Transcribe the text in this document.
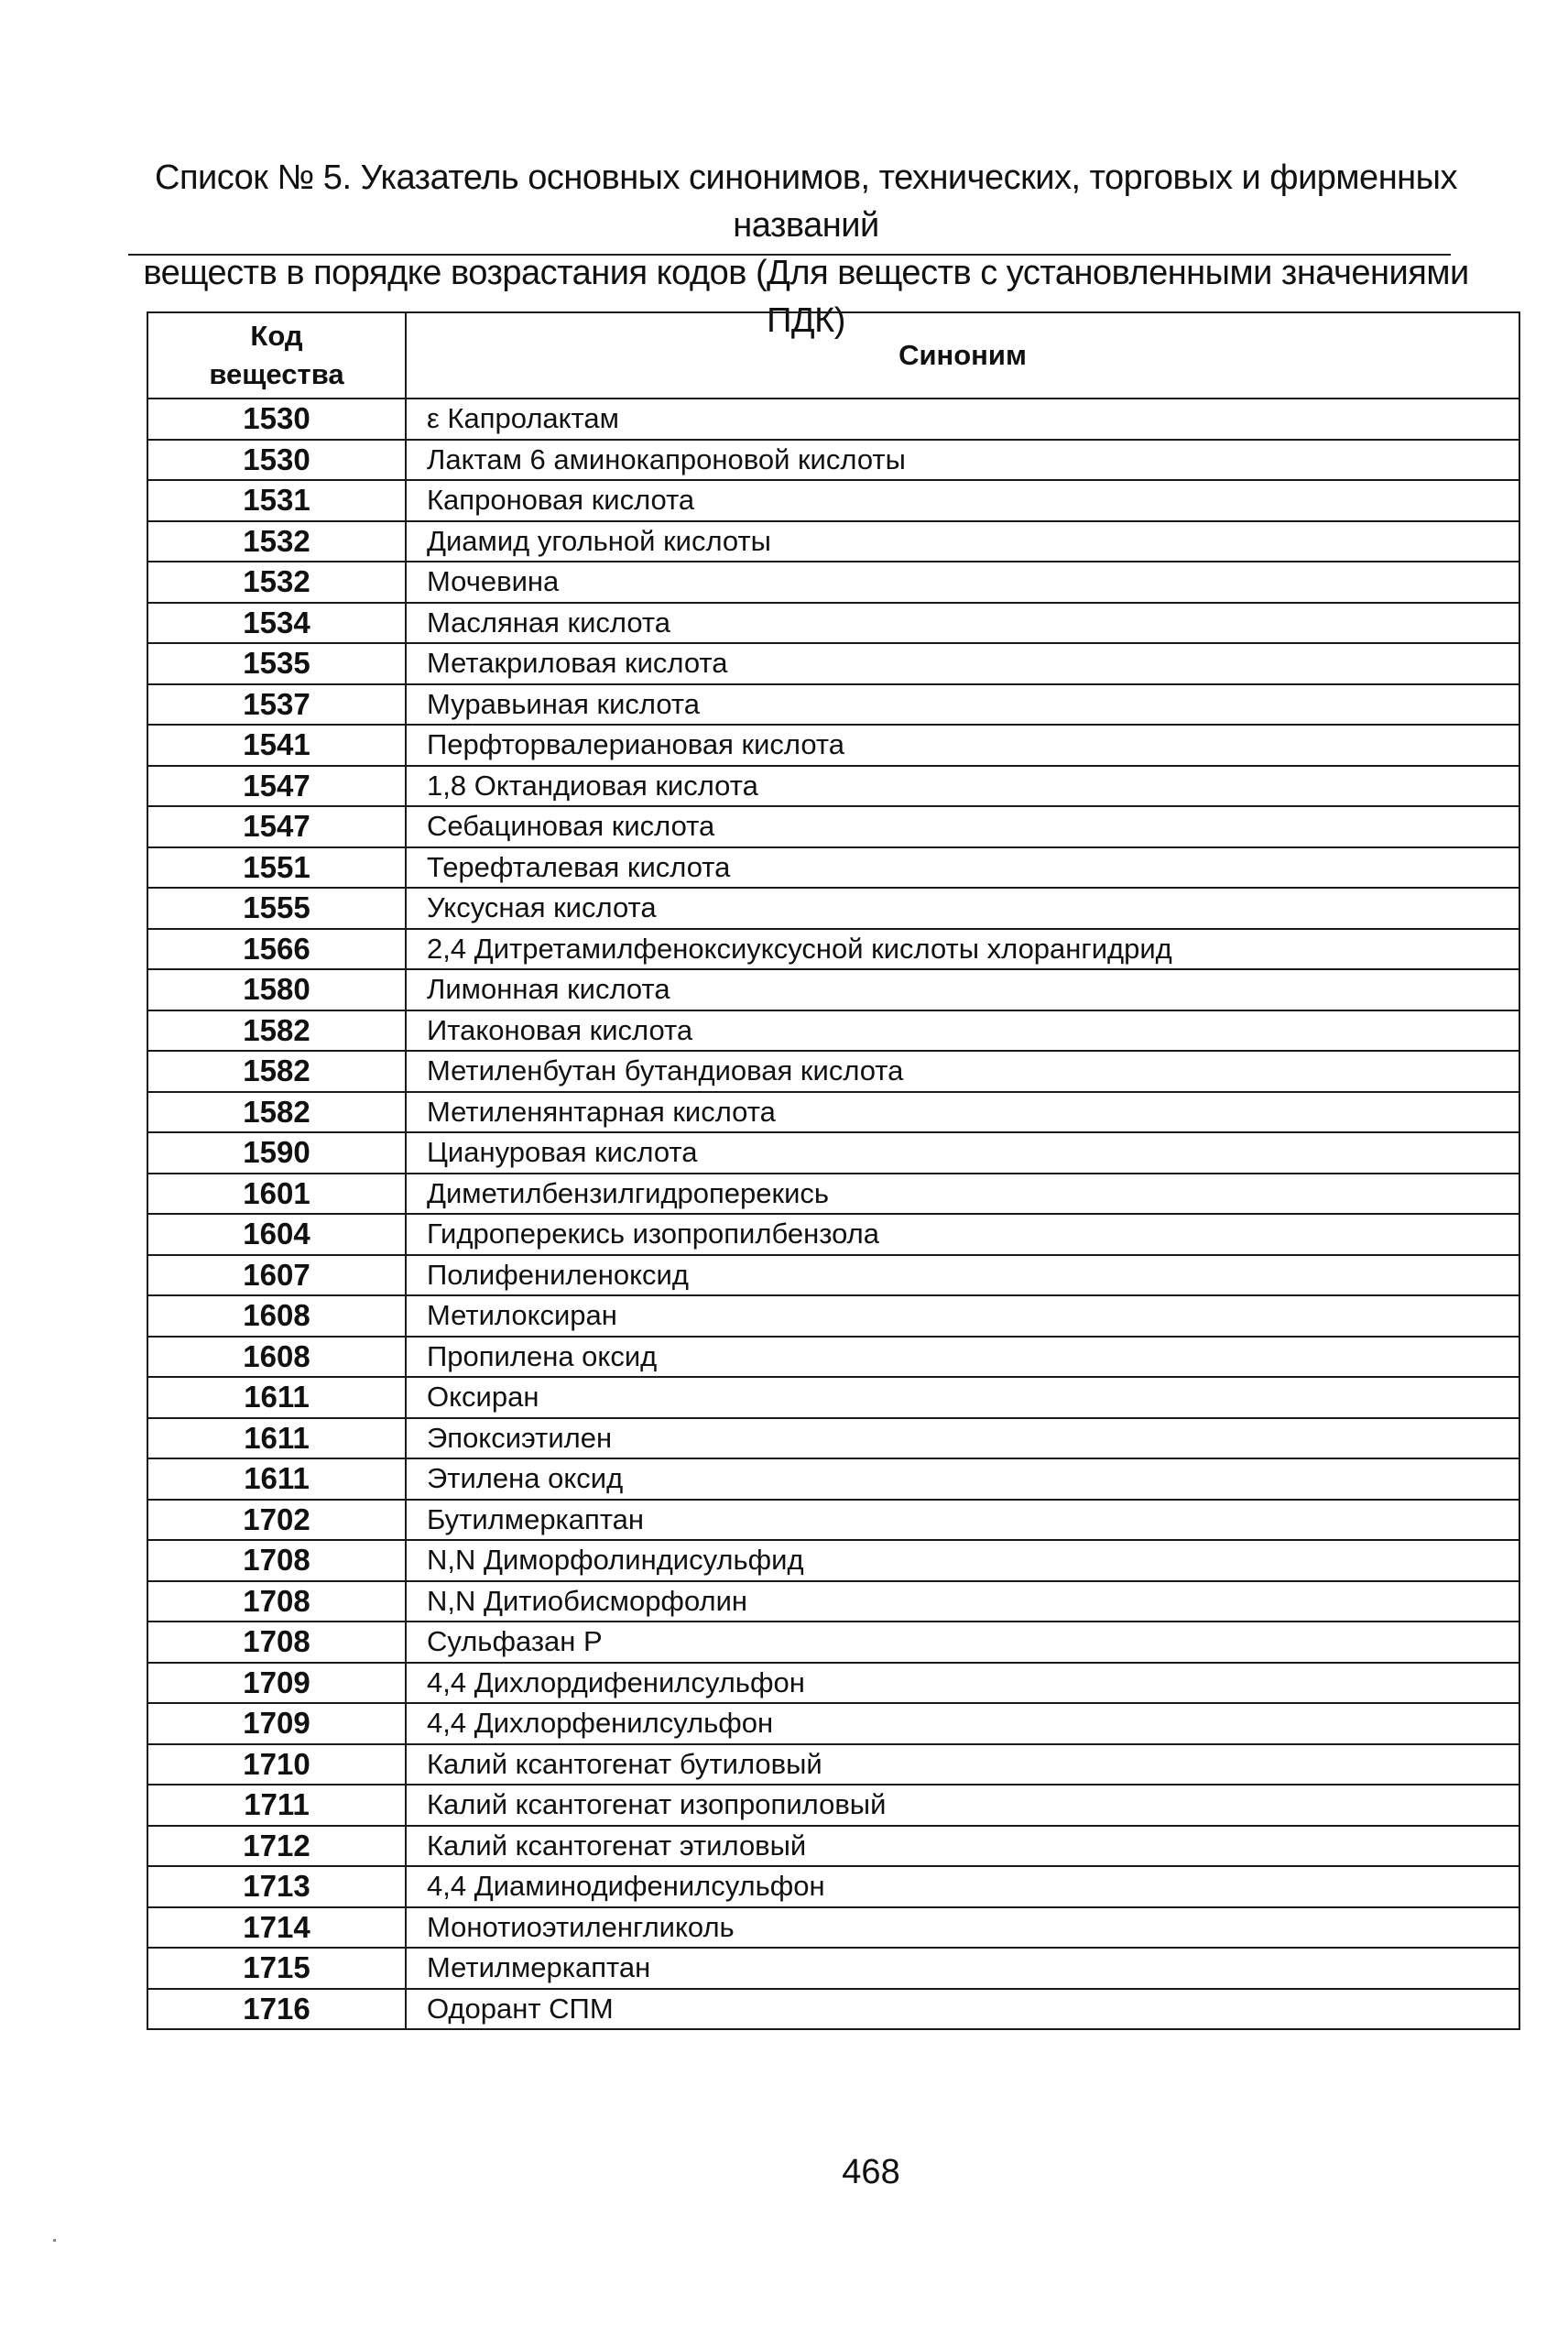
Список № 5. Указатель основных синонимов, технических, торговых и фирменных названий
веществ в порядке возрастания кодов (Для веществ с установленными значениями ПДК)
Код
вещества	Синоним
1530	ε Капролактам
1530	Лактам 6 аминокапроновой кислоты
1531	Капроновая кислота
1532	Диамид угольной кислоты
1532	Мочевина
1534	Масляная кислота
1535	Метакриловая кислота
1537	Муравьиная кислота
1541	Перфторвалериановая кислота
1547	1,8 Октандиовая кислота
1547	Себациновая кислота
1551	Терефталевая кислота
1555	Уксусная кислота
1566	2,4 Дитретамилфеноксиуксусной кислоты хлорангидрид
1580	Лимонная кислота
1582	Итаконовая кислота
1582	Метиленбутан бутандиовая кислота
1582	Метиленянтарная кислота
1590	Циануровая кислота
1601	Диметилбензилгидроперекись
1604	Гидроперекись изопропилбензола
1607	Полифениленоксид
1608	Метилоксиран
1608	Пропилена оксид
1611	Оксиран
1611	Эпоксиэтилен
1611	Этилена оксид
1702	Бутилмеркаптан
1708	N,N Диморфолиндисульфид
1708	N,N Дитиобисморфолин
1708	Сульфазан Р
1709	4,4 Дихлордифенилсульфон
1709	4,4 Дихлорфенилсульфон
1710	Калий ксантогенат бутиловый
1711	Калий ксантогенат изопропиловый
1712	Калий ксантогенат этиловый
1713	4,4 Диаминодифенилсульфон
1714	Монотиоэтиленгликоль
1715	Метилмеркаптан
1716	Одорант СПМ
468
